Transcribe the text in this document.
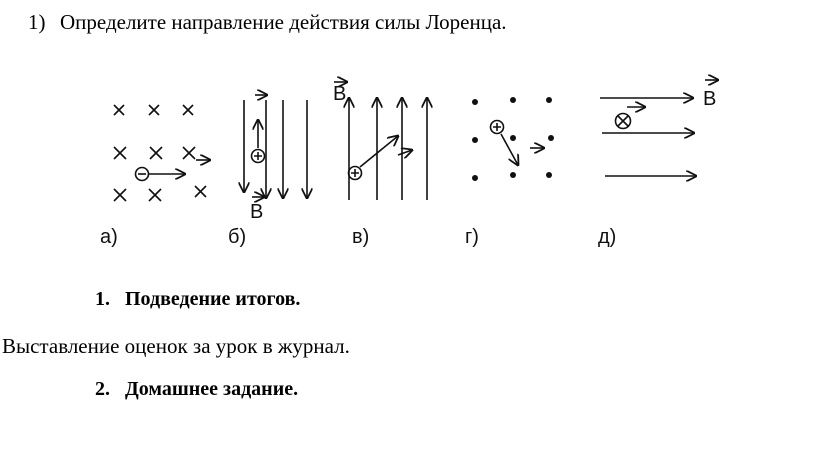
1) Определите направление действия силы Лоренца.

а)
B
б)
B
в)	г)
B
д)

1. Подведение итогов.

Выставление оценок за урок в журнал.

2. Домашнее задание.
